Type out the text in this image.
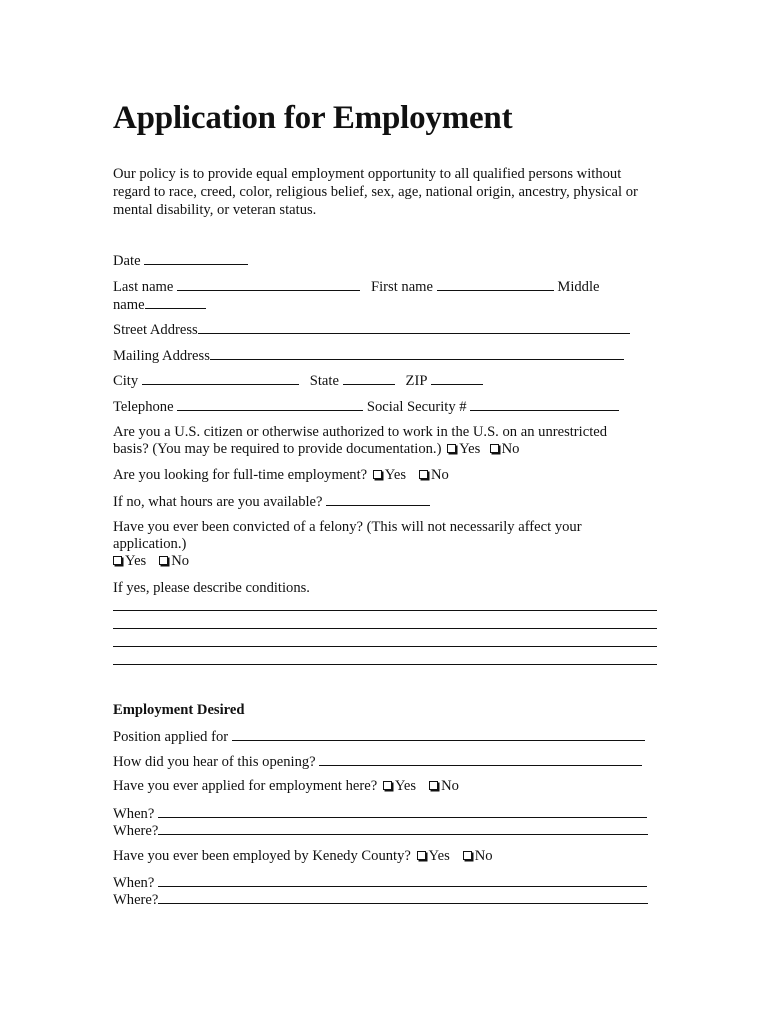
Application for Employment
Our policy is to provide equal employment opportunity to all qualified persons without regard to race, creed, color, religious belief, sex, age, national origin, ancestry, physical or mental disability, or veteran status.
Date
Last name	First name	Middle
name
Street Address
Mailing Address
City	State	ZIP
Telephone	Social Security #
Are you a U.S. citizen or otherwise authorized to work in the U.S. on an unrestricted
basis? (You may be required to provide documentation.) Yes No
Are you looking for full-time employment? Yes No
If no, what hours are you available?
Have you ever been convicted of a felony? (This will not necessarily affect your
application.)
Yes No
If yes, please describe conditions.
Employment Desired
Position applied for
How did you hear of this opening?
Have you ever applied for employment here? Yes No
When?
Where?
Have you ever been employed by Kenedy County? Yes No
When?
Where?
